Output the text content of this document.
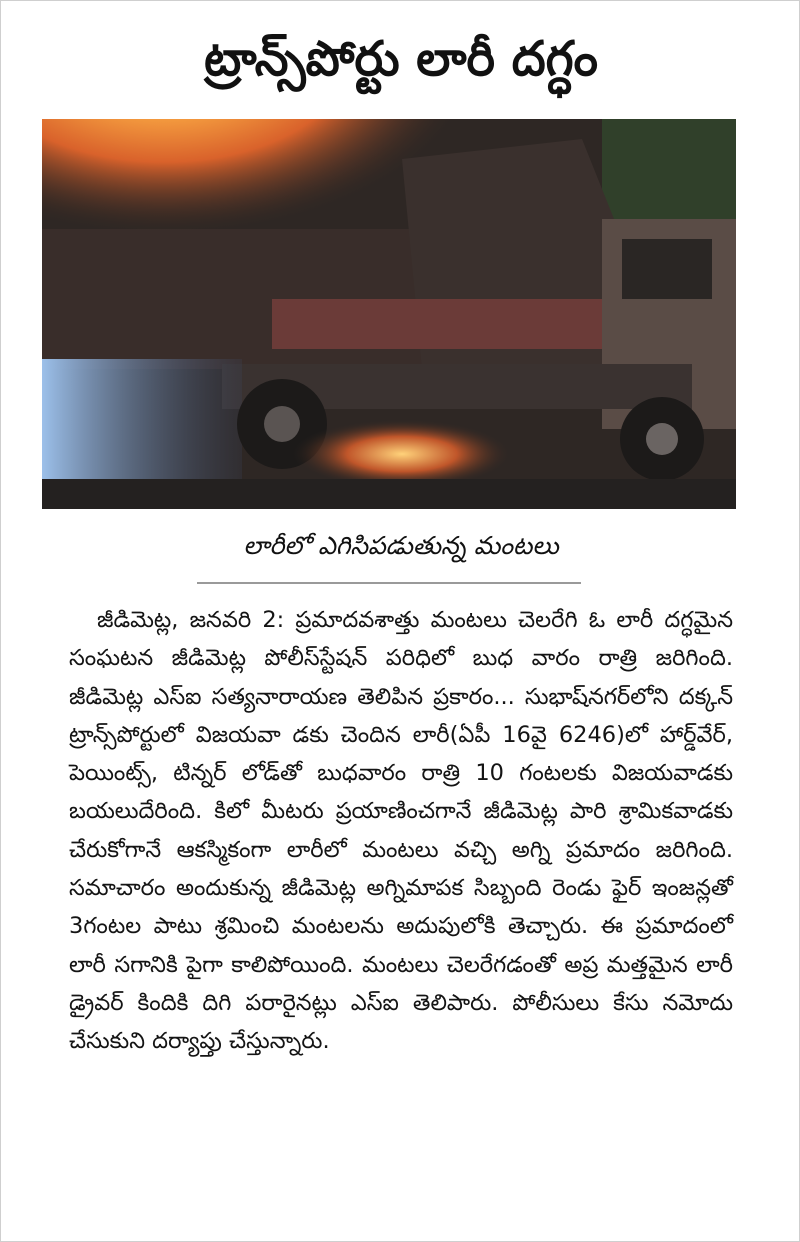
ట్రాన్స్‌పోర్టు లారీ దగ్ధం
లారీలో ఎగిసిపడుతున్న మంటలు

జీడిమెట్ల, జనవరి 2: ప్రమాదవశాత్తు మంటలు చెలరేగి ఓ లారీ దగ్ధమైన సంఘటన జీడిమెట్ల పోలీస్‌స్టేషన్ పరిధిలో బుధ వారం రాత్రి జరిగింది. జీడిమెట్ల ఎస్ఐ సత్యనారాయణ తెలిపిన ప్రకారం... సుభాష్‌నగర్‌లోని దక్కన్ ట్రాన్స్‌పోర్టులో విజయవా డకు చెందిన లారీ(ఏపీ 16వై 6246)లో హార్డ్‌వేర్, పెయింట్స్, టిన్నర్ లోడ్‌తో బుధవారం రాత్రి 10 గంటలకు విజయవాడకు బయలుదేరింది. కిలో మీటరు ప్రయాణించగానే జీడిమెట్ల పారి శ్రామికవాడకు చేరుకోగానే ఆకస్మికంగా లారీలో మంటలు వచ్చి అగ్ని ప్రమాదం జరిగింది. సమాచారం అందుకున్న జీడిమెట్ల అగ్నిమాపక సిబ్బంది రెండు ఫైర్ ఇంజన్లతో 3గంటల పాటు శ్రమించి మంటలను అదుపులోకి తెచ్చారు. ఈ ప్రమాదంలో లారీ సగానికి పైగా కాలిపోయింది. మంటలు చెలరేగడంతో అప్ర మత్తమైన లారీ డ్రైవర్ కిందికి దిగి పరారైనట్లు ఎస్ఐ తెలిపారు. పోలీసులు కేసు నమోదు చేసుకుని దర్యాప్తు చేస్తున్నారు.
